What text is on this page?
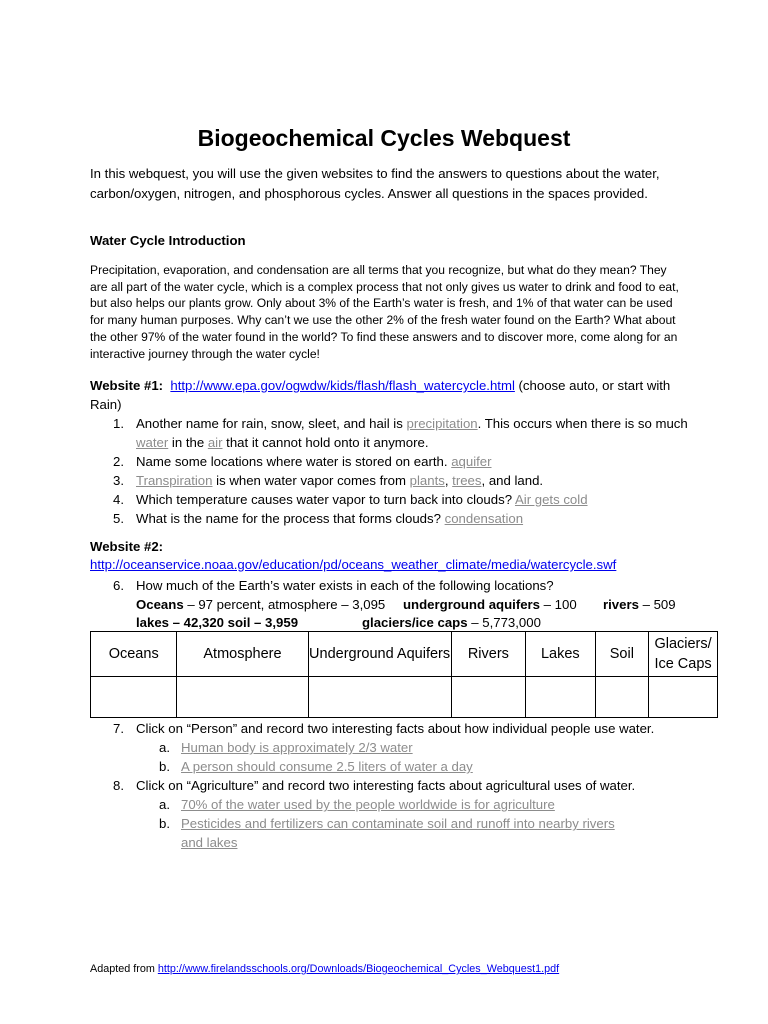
Biogeochemical Cycles Webquest
In this webquest, you will use the given websites to find the answers to questions about the water, carbon/oxygen, nitrogen, and phosphorous cycles. Answer all questions in the spaces provided.
Water Cycle Introduction
Precipitation, evaporation, and condensation are all terms that you recognize, but what do they mean? They are all part of the water cycle, which is a complex process that not only gives us water to drink and food to eat, but also helps our plants grow. Only about 3% of the Earth’s water is fresh, and 1% of that water can be used for many human purposes. Why can’t we use the other 2% of the fresh water found on the Earth? What about the other 97% of the water found in the world? To find these answers and to discover more, come along for an interactive journey through the water cycle!
Website #1: http://www.epa.gov/ogwdw/kids/flash/flash_watercycle.html (choose auto, or start with Rain)
1. Another name for rain, snow, sleet, and hail is precipitation. This occurs when there is so much water in the air that it cannot hold onto it anymore.
2. Name some locations where water is stored on earth. aquifer
3. Transpiration is when water vapor comes from plants, trees, and land.
4. Which temperature causes water vapor to turn back into clouds? Air gets cold
5. What is the name for the process that forms clouds? condensation
Website #2:
http://oceanservice.noaa.gov/education/pd/oceans_weather_climate/media/watercycle.swf
6. How much of the Earth’s water exists in each of the following locations?
Oceans – 97 percent, atmosphere – 3,095 underground aquifers – 100 rivers – 509
lakes – 42,320 soil – 3,959	glaciers/ice caps – 5,773,000
Oceans	Atmosphere	Underground Aquifers	Rivers	Lakes	Soil	Glaciers/ Ice Caps

7. Click on “Person” and record two interesting facts about how individual people use water.
a. Human body is approximately 2/3 water
b. A person should consume 2.5 liters of water a day
8. Click on “Agriculture” and record two interesting facts about agricultural uses of water.
a. 70% of the water used by the people worldwide is for agriculture
b. Pesticides and fertilizers can contaminate soil and runoff into nearby rivers and lakes
Adapted from http://www.firelandsschools.org/Downloads/Biogeochemical_Cycles_Webquest1.pdf
